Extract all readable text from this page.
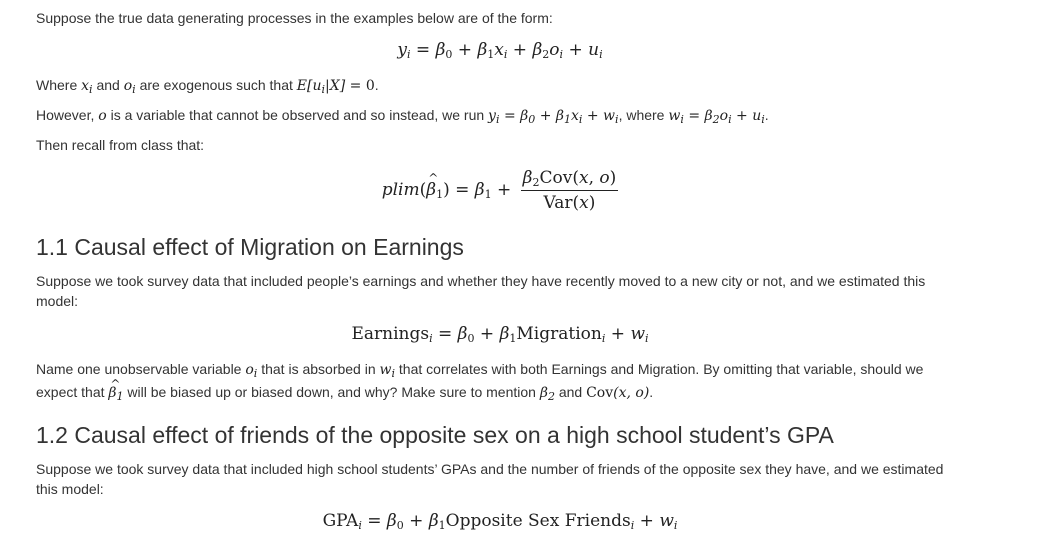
Suppose the true data generating processes in the examples below are of the form:

$y_i = \beta_0 + \beta_1x_i + \beta_2o_i + u_i$

Where $x_i$ and $o_i$ are exogenous such that $E[u_i|X] = 0$.

However, o is a variable that cannot be observed and so instead, we run $y_i = \beta_0 + \beta_1x_i + w_i$, where $w_i = \beta_2o_i + u_i$.

Then recall from class that:

plim(^ $\beta_1) = \beta_1 + \frac{\beta_2Cov(x, o)}{\text{Var(x)}}$
1.1 Causal effect of Migration on Earnings

Suppose we took survey data that included people’s earnings and whether they have recently moved to a new city or not, and we estimated this model:

Earnings$_i$ = $\beta_0$ + $\beta_1Migration_i + w_i$

Name one unobservable variable $o_i$ that is absorbed in $w_i$ that correlates with both Earnings and Migration. By omitting that variable, should we

expect that ^ $\beta_1$ will be biased up or biased down, and why? Make sure to mention $\beta_2$ and Cov(x, o).

1.2 Causal effect of friends of the opposite sex on a high school student’s GPA

Suppose we took survey data that included high school students’ GPAs and the number of friends of the opposite sex they have, and we estimated this model:

$GPA_i = \beta_0$ + $\beta_1Opposite$ Sex Friends$_i$ + $w_i$
